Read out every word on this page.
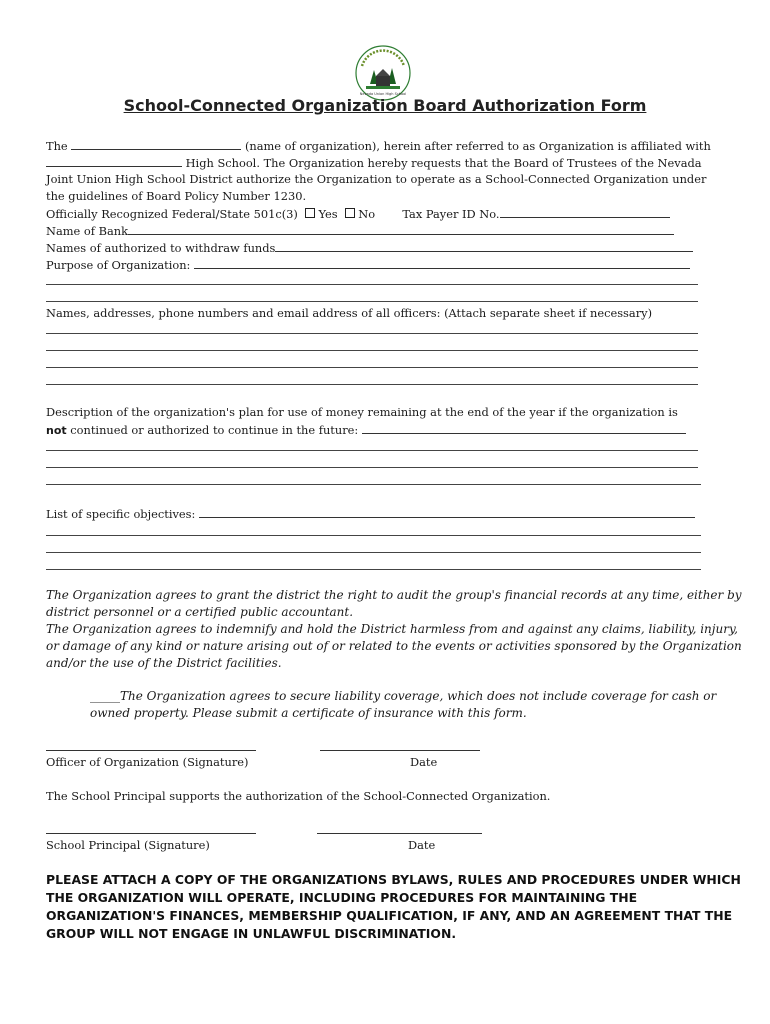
Nevada Union High School
School-Connected Organization Board Authorization Form
The	(name of organization), herein after referred to as Organization is affiliated with
High School. The Organization hereby requests that the Board of Trustees of the Nevada
Joint Union High School District authorize the Organization to operate as a School-Connected Organization under
the guidelines of Board Policy Number 1230.
Officially Recognized Federal/State 501c(3) Yes No Tax Payer ID No.
Name of Bank
Names of authorized to withdraw funds
Purpose of Organization:
Names, addresses, phone numbers and email address of all officers: (Attach separate sheet if necessary)
Description of the organization's plan for use of money remaining at the end of the year if the organization is
not continued or authorized to continue in the future:
List of specific objectives:
The Organization agrees to grant the district the right to audit the group's financial records at any time, either by
district personnel or a certified public accountant.
The Organization agrees to indemnify and hold the District harmless from and against any claims, liability, injury,
or damage of any kind or nature arising out of or related to the events or activities sponsored by the Organization
and/or the use of the District facilities.
_____The Organization agrees to secure liability coverage, which does not include coverage for cash or
owned property. Please submit a certificate of insurance with this form.
Officer of Organization (Signature)	Date
The School Principal supports the authorization of the School-Connected Organization.
School Principal (Signature)	Date
PLEASE ATTACH A COPY OF THE ORGANIZATIONS BYLAWS, RULES AND PROCEDURES UNDER WHICH
THE ORGANIZATION WILL OPERATE, INCLUDING PROCEDURES FOR MAINTAINING THE
ORGANIZATION'S FINANCES, MEMBERSHIP QUALIFICATION, IF ANY, AND AN AGREEMENT THAT THE
GROUP WILL NOT ENGAGE IN UNLAWFUL DISCRIMINATION.
